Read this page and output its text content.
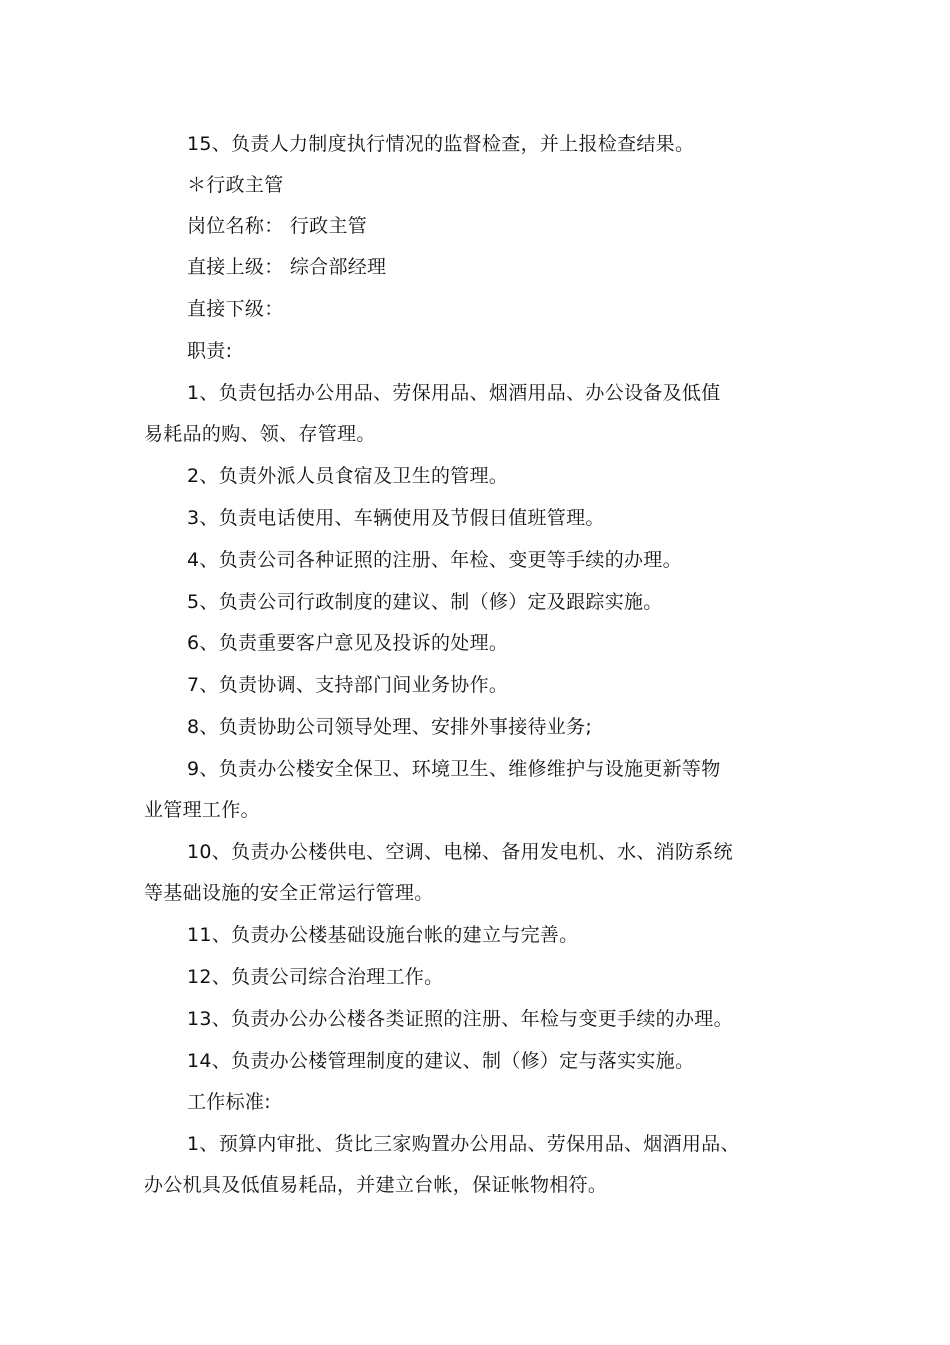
15、负责人力制度执行情况的监督检查，并上报检查结果。
＊行政主管
岗位名称： 行政主管
直接上级： 综合部经理
直接下级：
职责:
1、负责包括办公用品、劳保用品、烟酒用品、办公设备及低值
易耗品的购、领、存管理。
2、负责外派人员食宿及卫生的管理。
3、负责电话使用、车辆使用及节假日值班管理。
4、负责公司各种证照的注册、年检、变更等手续的办理。
5、负责公司行政制度的建议、制（修）定及跟踪实施。
6、负责重要客户意见及投诉的处理。
7、负责协调、支持部门间业务协作。
8、负责协助公司领导处理、安排外事接待业务;
9、负责办公楼安全保卫、环境卫生、维修维护与设施更新等物
业管理工作。
10、负责办公楼供电、空调、电梯、备用发电机、水、消防系统
等基础设施的安全正常运行管理。
11、负责办公楼基础设施台帐的建立与完善。
12、负责公司综合治理工作。
13、负责办公办公楼各类证照的注册、年检与变更手续的办理。
14、负责办公楼管理制度的建议、制（修）定与落实实施。
工作标准:
1、预算内审批、货比三家购置办公用品、劳保用品、烟酒用品、
办公机具及低值易耗品，并建立台帐，保证帐物相符。
